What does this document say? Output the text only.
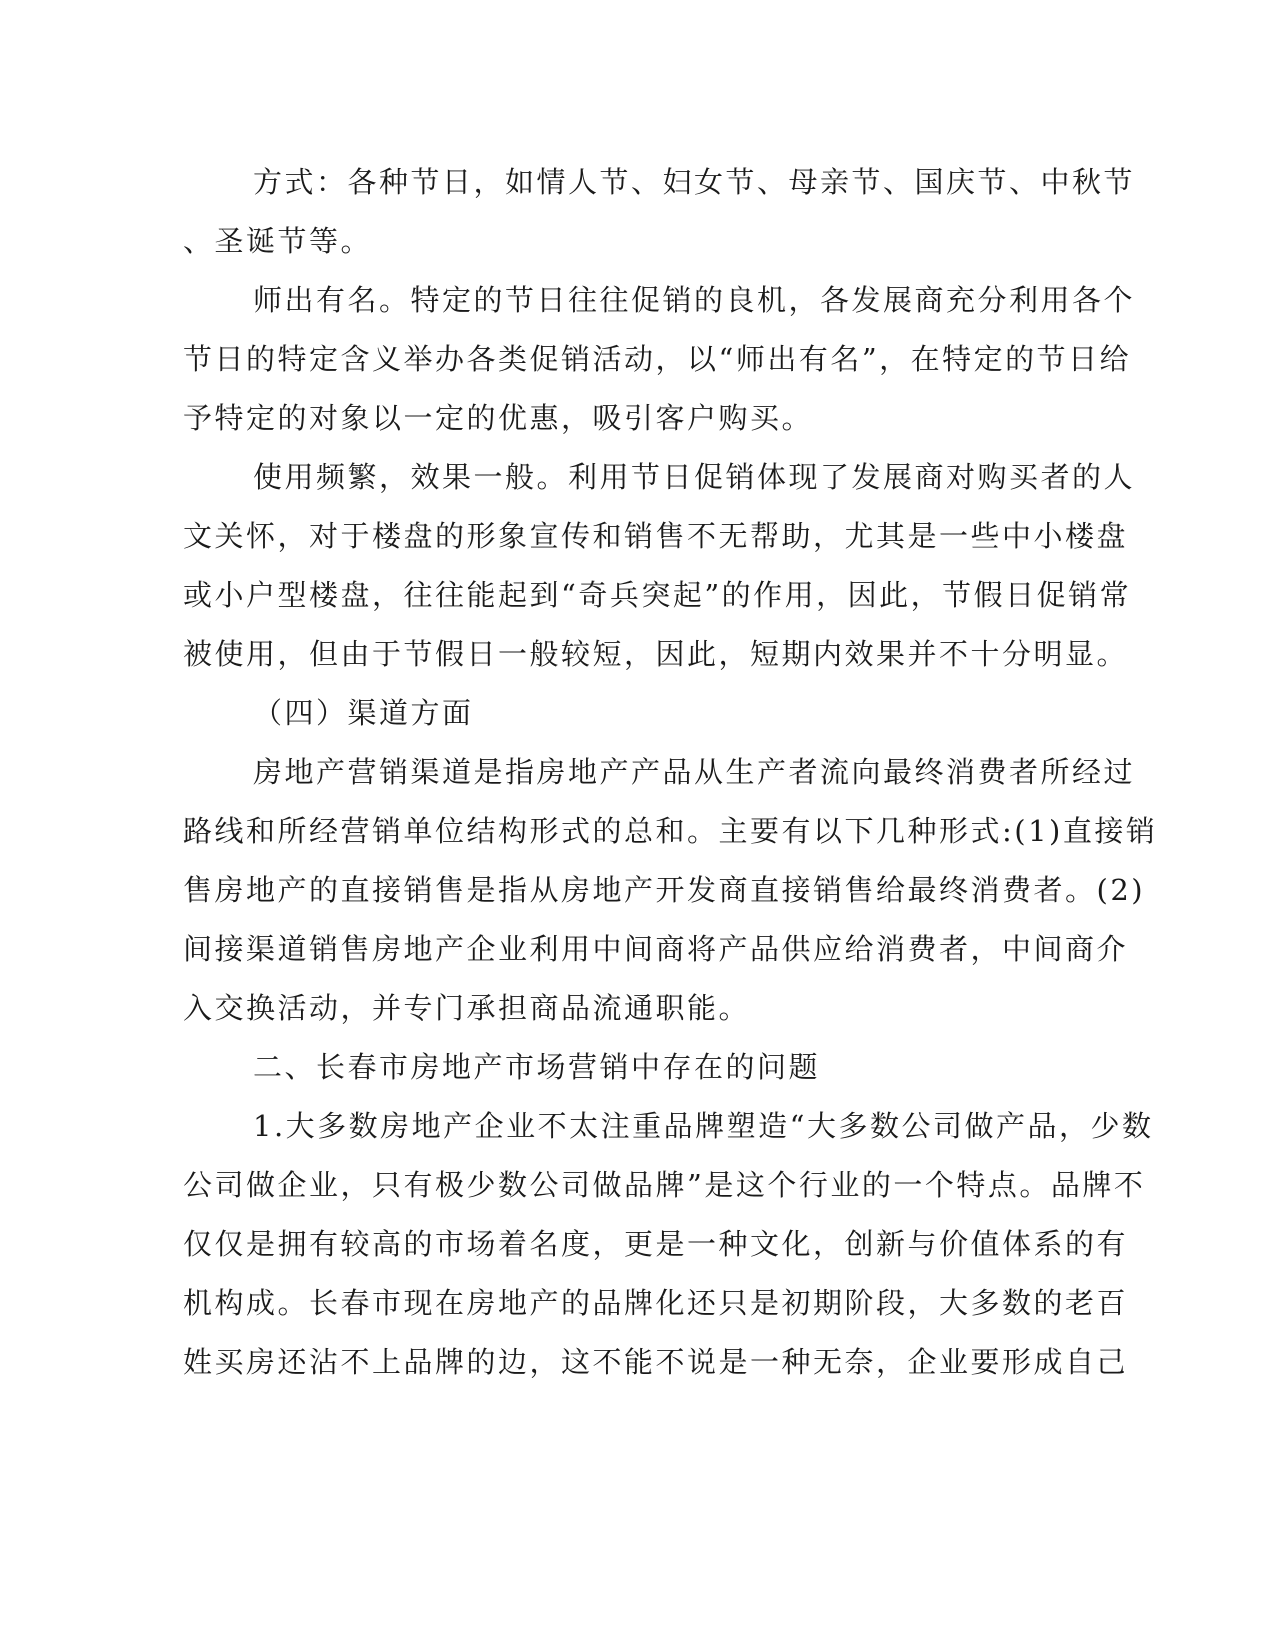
方式：各种节日，如情人节、妇女节、母亲节、国庆节、中秋节
、圣诞节等。
师出有名。特定的节日往往促销的良机，各发展商充分利用各个
节日的特定含义举办各类促销活动，以“师出有名”，在特定的节日给
予特定的对象以一定的优惠，吸引客户购买。
使用频繁，效果一般。利用节日促销体现了发展商对购买者的人
文关怀，对于楼盘的形象宣传和销售不无帮助，尤其是一些中小楼盘
或小户型楼盘，往往能起到“奇兵突起”的作用，因此，节假日促销常
被使用，但由于节假日一般较短，因此，短期内效果并不十分明显。
（四）渠道方面
房地产营销渠道是指房地产产品从生产者流向最终消费者所经过
路线和所经营销单位结构形式的总和。主要有以下几种形式:(1)直接销
售房地产的直接销售是指从房地产开发商直接销售给最终消费者。(2)
间接渠道销售房地产企业利用中间商将产品供应给消费者，中间商介
入交换活动，并专门承担商品流通职能。
二、长春市房地产市场营销中存在的问题
1.大多数房地产企业不太注重品牌塑造“大多数公司做产品，少数
公司做企业，只有极少数公司做品牌”是这个行业的一个特点。品牌不
仅仅是拥有较高的市场着名度，更是一种文化，创新与价值体系的有
机构成。长春市现在房地产的品牌化还只是初期阶段，大多数的老百
姓买房还沾不上品牌的边，这不能不说是一种无奈，企业要形成自己
